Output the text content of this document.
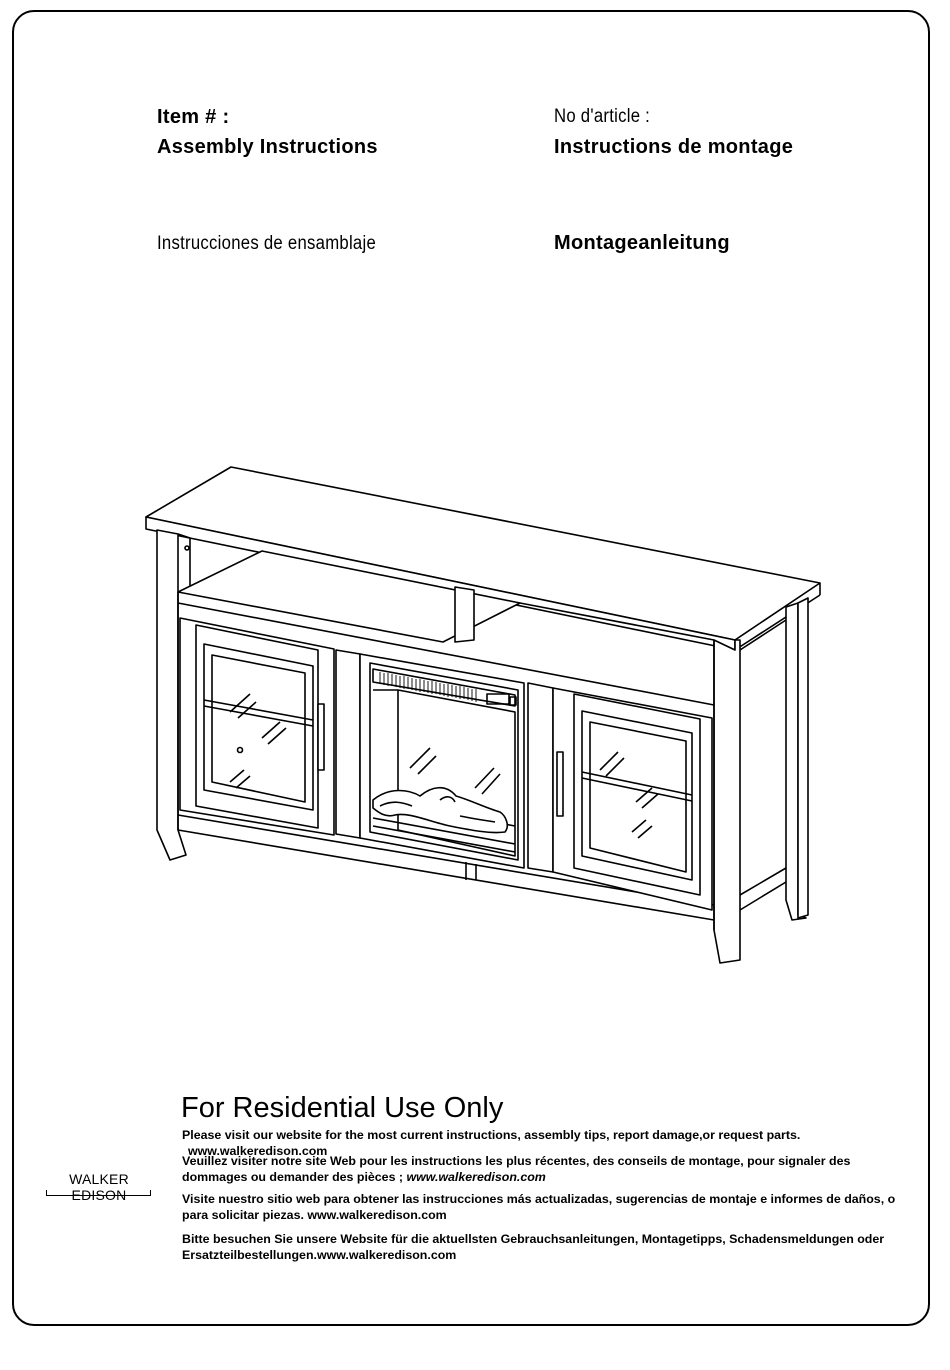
Item # :	No d'article :
Assembly Instructions	Instructions de montage
Instrucciones de ensamblaje	Montageanleitung
For Residential Use Only
Please visit our website for the most current instructions, assembly tips, report damage,or request parts. www.walkeredison.com
Veuillez visiter notre site Web pour les instructions les plus récentes, des conseils de montage, pour signaler des dommages ou demander des pièces ; www.walkeredison.com
Visite nuestro sitio web para obtener las instrucciones más actualizadas, sugerencias de montaje e informes de daños, o para solicitar piezas. www.walkeredison.com
Bitte besuchen Sie unsere Website für die aktuellsten Gebrauchsanleitungen, Montagetipps, Schadensmeldungen oder Ersatzteilbestellungen.www.walkeredison.com
WALKER EDISON
